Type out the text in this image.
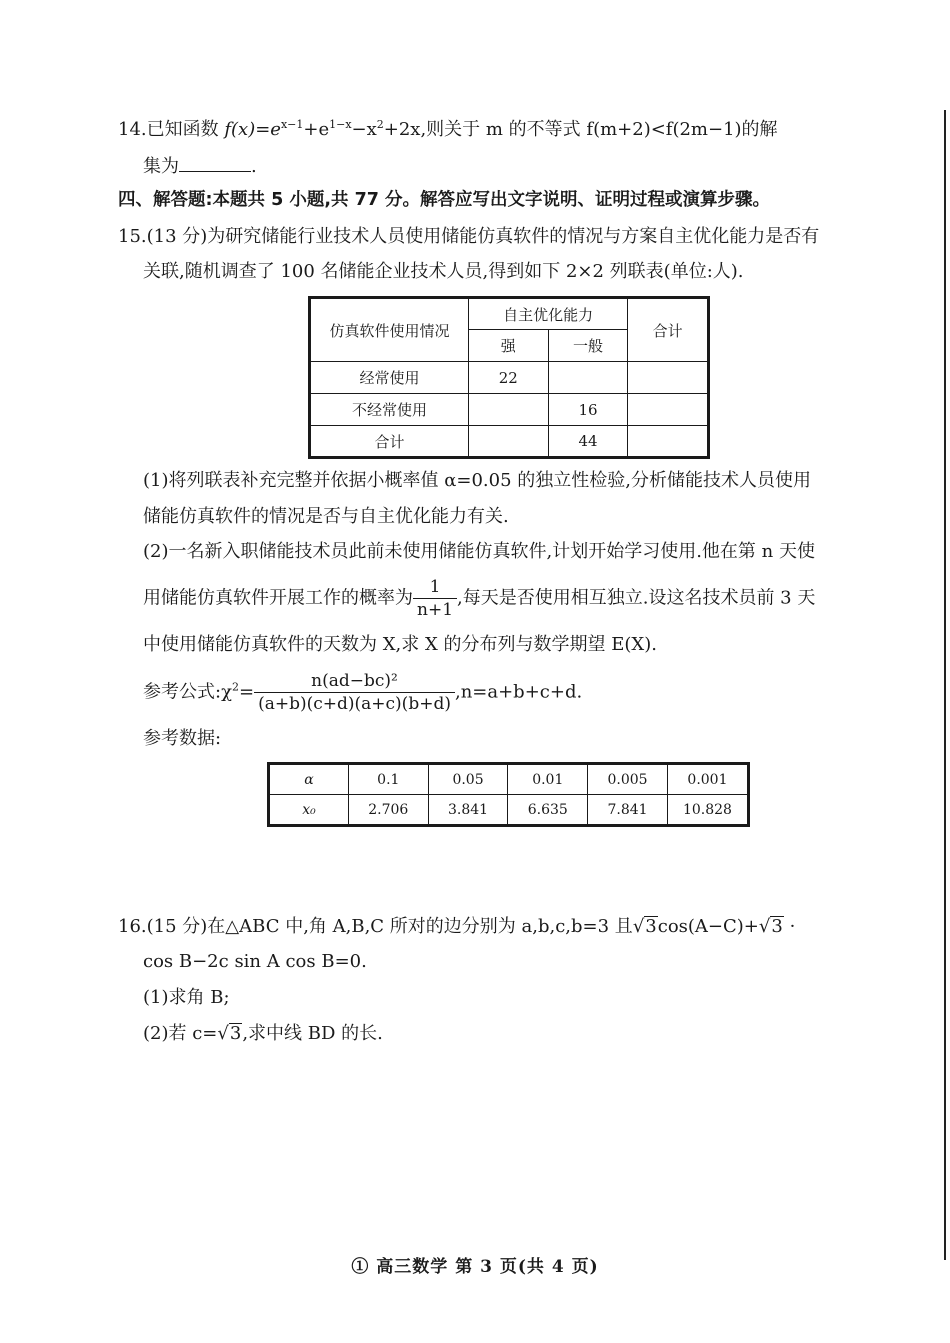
14.已知函数 $f(x)=e^{x-1}+e^{1-x}-x^2+2x$,则关于 m 的不等式 f(m+2)<f(2m−1)的解
集为	.
四、解答题:本题共 5 小题,共 77 分。解答应写出文字说明、证明过程或演算步骤。
15.(13 分)为研究储能行业技术人员使用储能仿真软件的情况与方案自主优化能力是否有
关联,随机调查了 100 名储能企业技术人员,得到如下 2×2 列联表(单位:人).
仿真软件使用情况	自主优化能力		合计
	强	一般	
经常使用	22		
不经常使用		16	
合计		44	
(1)将列联表补充完整并依据小概率值 α=0.05 的独立性检验,分析储能技术人员使用
储能仿真软件的情况是否与自主优化能力有关.
(2)一名新入职储能技术员此前未使用储能仿真软件,计划开始学习使用.他在第 n 天使
用储能仿真软件开展工作的概率为 $\frac{1}{n+1}$ ,每天是否使用相互独立.设这名技术员前 3 天
中使用储能仿真软件的天数为 X,求 X 的分布列与数学期望 E(X).
参考公式$:\chi^2= \frac{\text{n(ad−bc)²}}{(a+b)(c+d)(a+c)(b+d)} ,n=a+b+c+d$.
参考数据:
α	0.1	0.05	0.01	0.005	0.001
x₀	2.706	3.841	6.635	7.841	10.828
16.(15 分)在△ABC 中,角 A,B,C 所对的边分别为 a,b,c,b=3 且√3cos(A−C)+√3 ·
cos B−2c sin A cos B=0.
(1)求角 B;
(2)若 c=√3,求中线 BD 的长.
① 高三数学 第 3 页(共 4 页)
